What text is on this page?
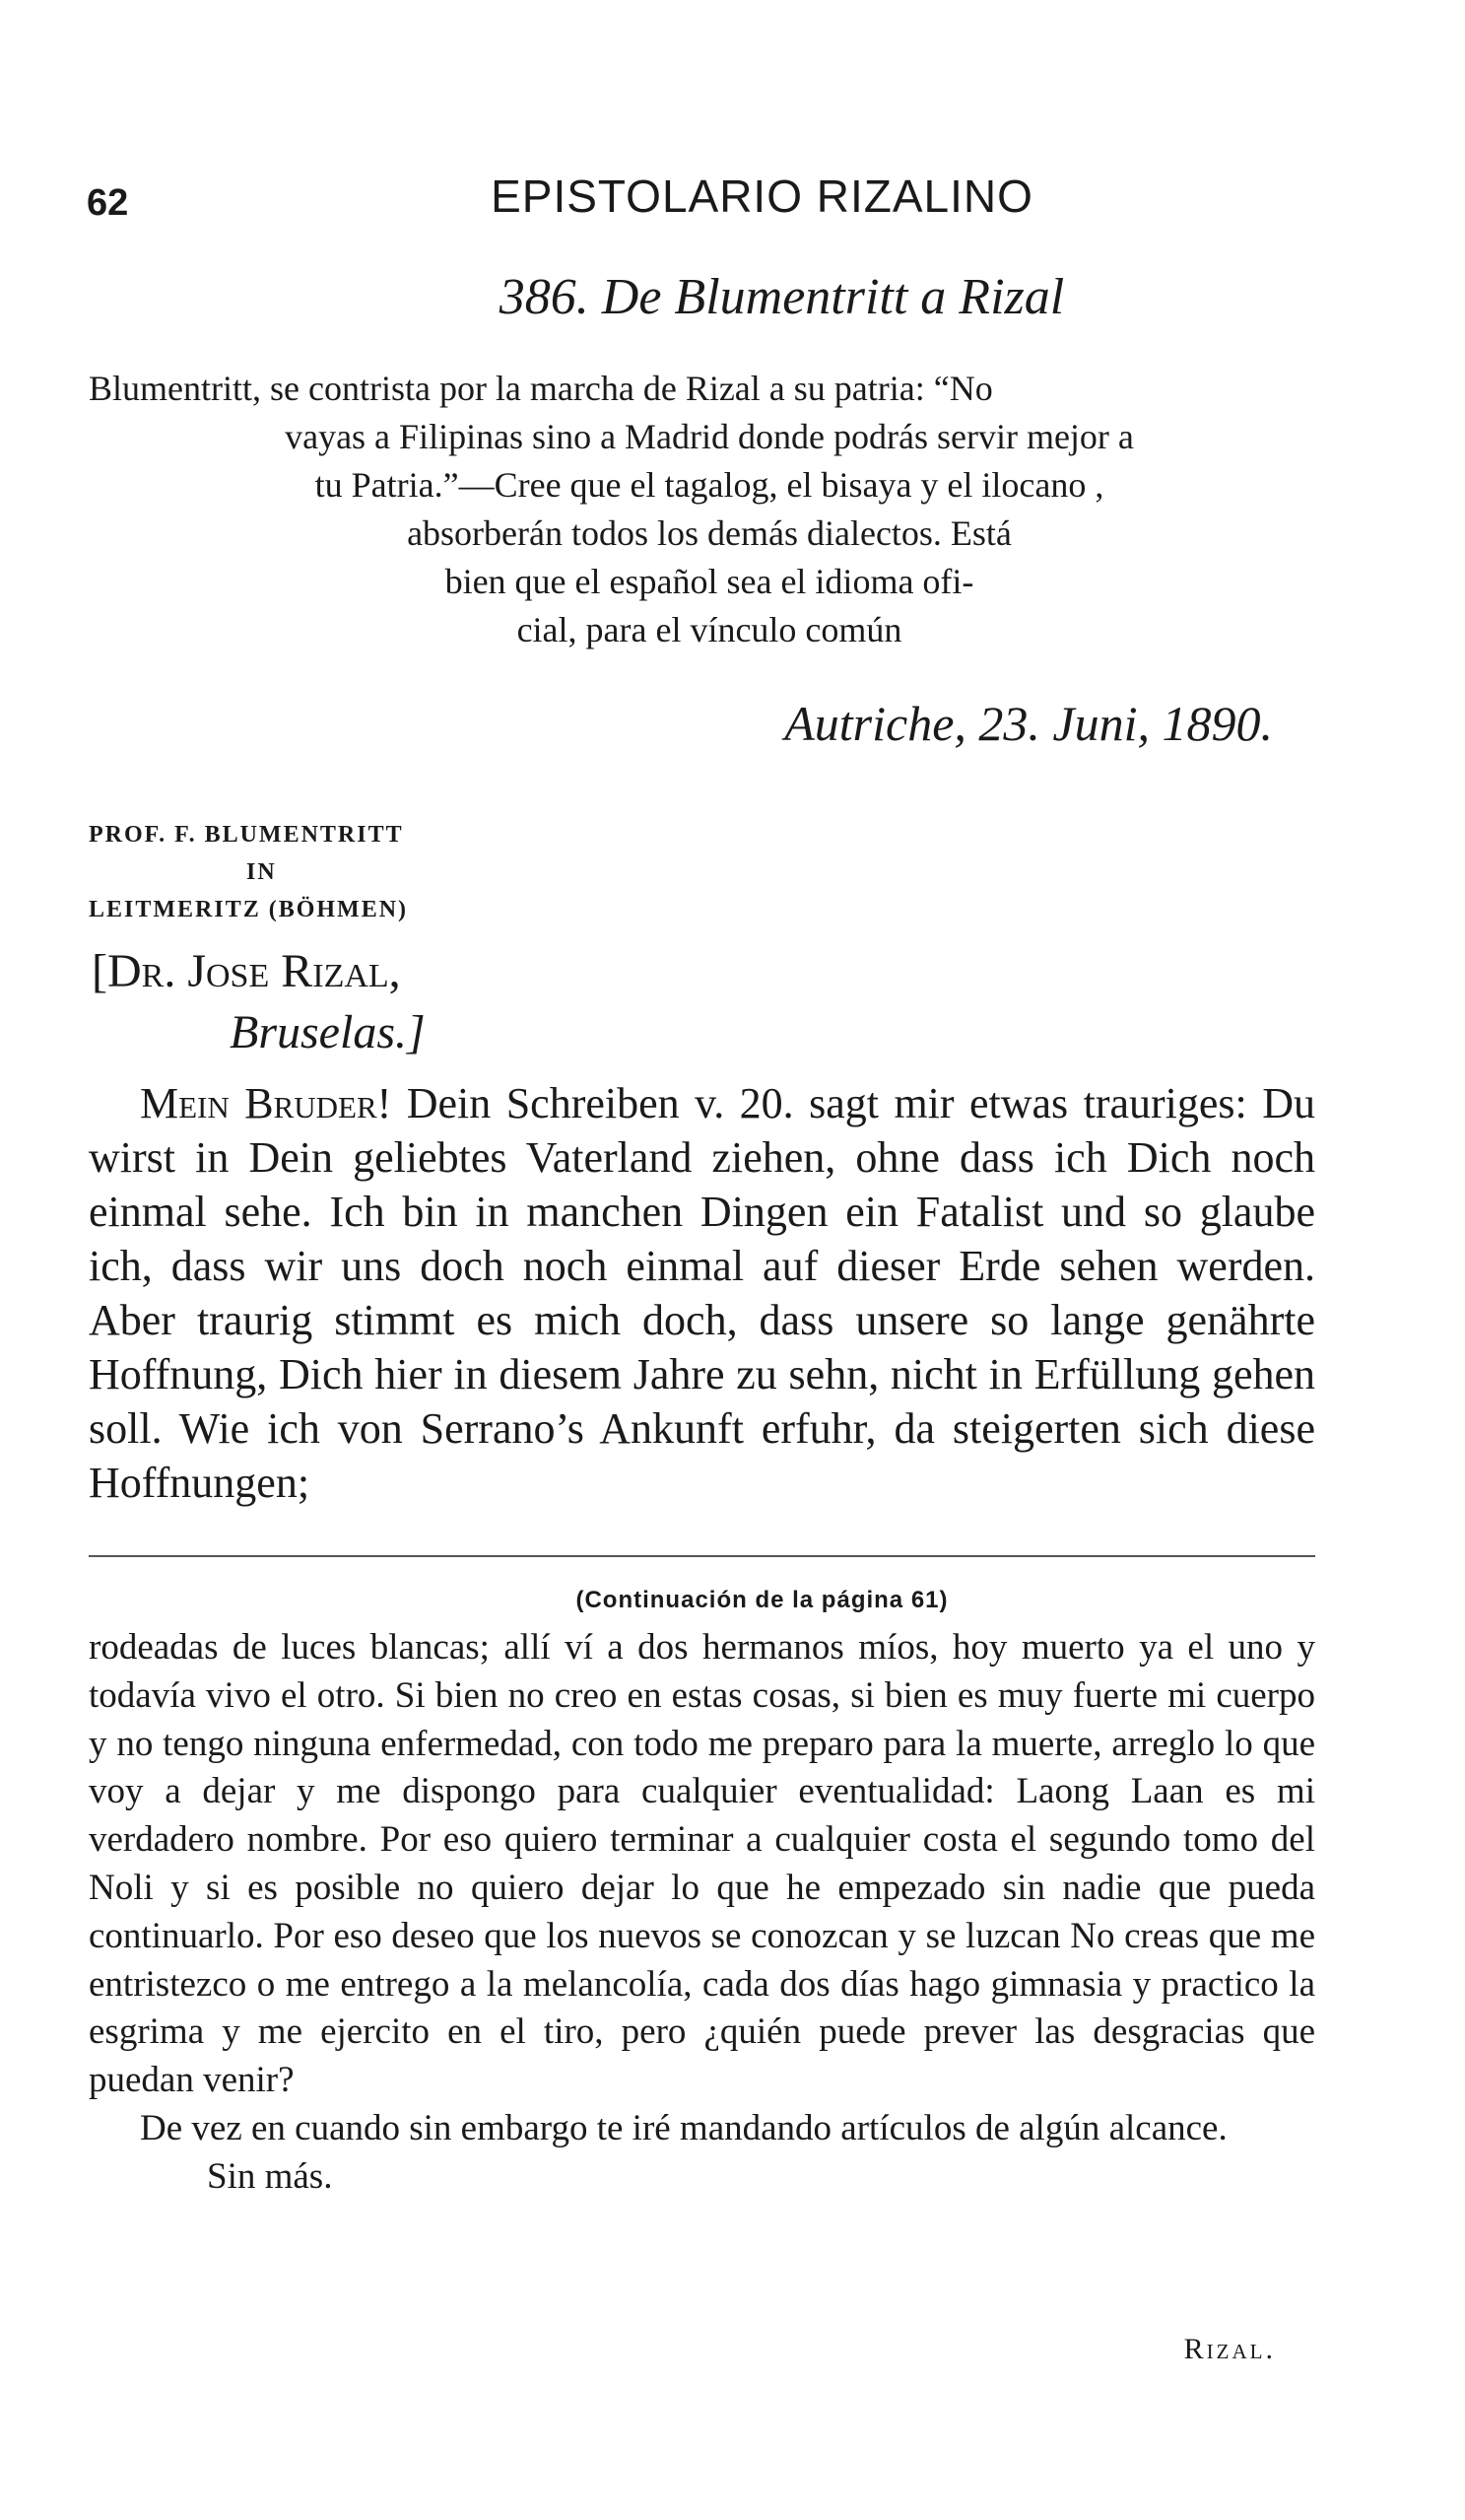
62	EPISTOLARIO RIZALINO
386. De Blumentritt a Rizal
Blumentritt, se contrista por la marcha de Rizal a su patria: “No
vayas a Filipinas sino a Madrid donde podrás servir mejor a
tu Patria.”—Cree que el tagalog, el bisaya y el ilocano ,
absorberán todos los demás dialectos. Está
bien que el español sea el idioma ofi-
cial, para el vínculo común
Autriche, 23. Juni, 1890.
PROF. F. BLUMENTRITT
IN
LEITMERITZ (BÖHMEN)
[Dr. Jose Rizal,
Bruselas.]

Mein Bruder! Dein Schreiben v. 20. sagt mir etwas trauriges: Du wirst in Dein geliebtes Vaterland ziehen, ohne dass ich Dich noch einmal sehe. Ich bin in manchen Dingen ein Fatalist und so glaube ich, dass wir uns doch noch einmal auf dieser Erde sehen werden. Aber traurig stimmt es mich doch, dass unsere so lange genährte Hoffnung, Dich hier in diesem Jahre zu sehn, nicht in Erfüllung gehen soll. Wie ich von Serrano’s Ankunft erfuhr, da steigerten sich diese Hoffnungen;

(Continuación de la página 61)

rodeadas de luces blancas; allí ví a dos hermanos míos, hoy muerto ya el uno y todavía vivo el otro. Si bien no creo en estas cosas, si bien es muy fuerte mi cuerpo y no tengo ninguna enfermedad, con todo me preparo para la muerte, arreglo lo que voy a dejar y me dispongo para cualquier eventualidad: Laong Laan es mi verdadero nombre. Por eso quiero terminar a cualquier costa el segundo tomo del Noli y si es posible no quiero dejar lo que he empezado sin nadie que pueda continuarlo. Por eso deseo que los nuevos se conozcan y se luzcan No creas que me entristezco o me entrego a la melancolía, cada dos días hago gimnasia y practico la esgrima y me ejercito en el tiro, pero ¿quién puede prever las desgracias que puedan venir?

De vez en cuando sin embargo te iré mandando artículos de algún alcance.

Sin más.

Rizal.
